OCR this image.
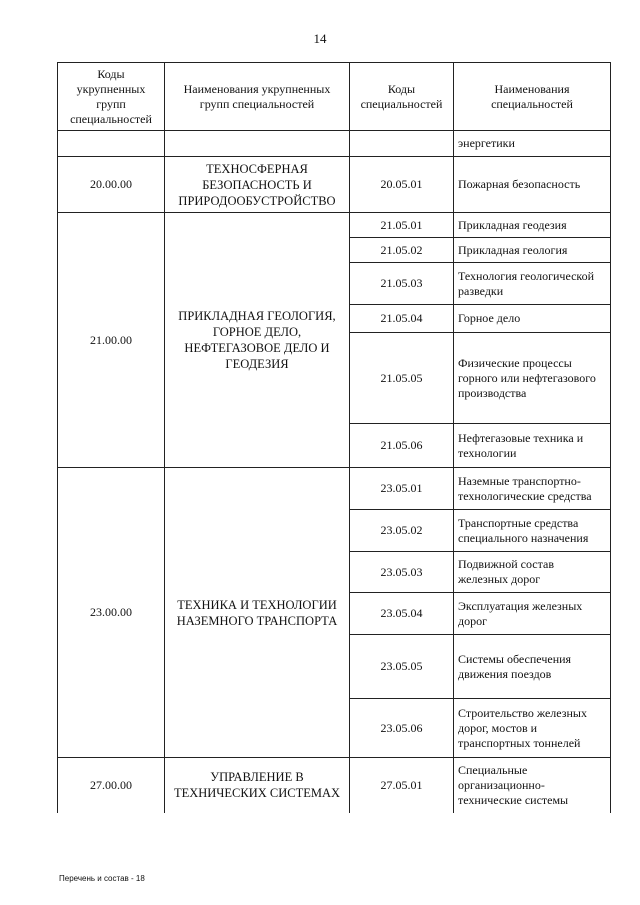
14
Коды укрупненных групп специальностей	Наименования укрупненных групп специальностей	Коды специальностей	Наименования специальностей
			энергетики
20.00.00	ТЕХНОСФЕРНАЯ БЕЗОПАСНОСТЬ И ПРИРОДООБУСТРОЙСТВО	20.05.01	Пожарная безопасность
21.00.00	ПРИКЛАДНАЯ ГЕОЛОГИЯ, ГОРНОЕ ДЕЛО, НЕФТЕГАЗОВОЕ ДЕЛО И ГЕОДЕЗИЯ	21.05.01	Прикладная геодезия
		21.05.02	Прикладная геология
		21.05.03	Технология геологической разведки
		21.05.04	Горное дело
		21.05.05	Физические процессы горного или нефтегазового производства
		21.05.06	Нефтегазовые техника и технологии
23.00.00	ТЕХНИКА И ТЕХНОЛОГИИ НАЗЕМНОГО ТРАНСПОРТА	23.05.01	Наземные транспортно-технологические средства
		23.05.02	Транспортные средства специального назначения
		23.05.03	Подвижной состав железных дорог
		23.05.04	Эксплуатация железных дорог
		23.05.05	Системы обеспечения движения поездов
		23.05.06	Строительство железных дорог, мостов и транспортных тоннелей
27.00.00	УПРАВЛЕНИЕ В ТЕХНИЧЕСКИХ СИСТЕМАХ	27.05.01	Специальные организационно-технические системы
Перечень и состав - 18
